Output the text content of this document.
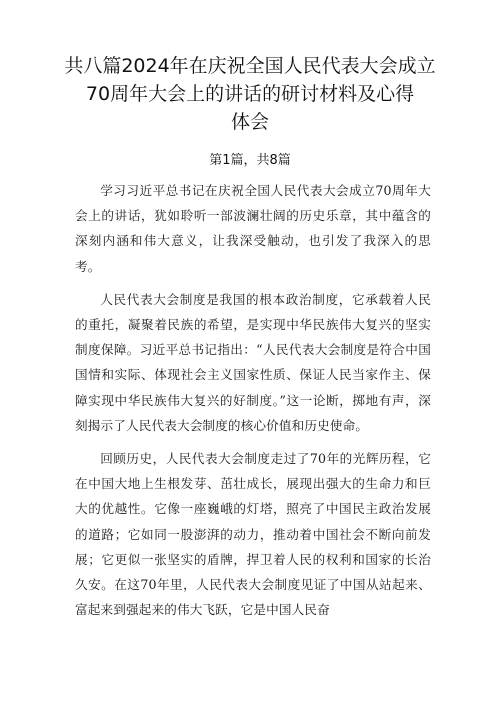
共八篇2024年在庆祝全国人民代表大会成立
70周年大会上的讲话的研讨材料及心得
体会
第1篇，共8篇

学习习近平总书记在庆祝全国人民代表大会成立70周年大会上的讲话，犹如聆听一部波澜壮阔的历史乐章，其中蕴含的深刻内涵和伟大意义，让我深受触动，也引发了我深入的思考。

人民代表大会制度是我国的根本政治制度，它承载着人民的重托，凝聚着民族的希望，是实现中华民族伟大复兴的坚实制度保障。习近平总书记指出：“人民代表大会制度是符合中国国情和实际、体现社会主义国家性质、保证人民当家作主、保障实现中华民族伟大复兴的好制度。”这一论断，掷地有声，深刻揭示了人民代表大会制度的核心价值和历史使命。

回顾历史，人民代表大会制度走过了70年的光辉历程，它在中国大地上生根发芽、茁壮成长，展现出强大的生命力和巨大的优越性。它像一座巍峨的灯塔，照亮了中国民主政治发展的道路；它如同一股澎湃的动力，推动着中国社会不断向前发展；它更似一张坚实的盾牌，捍卫着人民的权利和国家的长治久安。在这70年里，人民代表大会制度见证了中国从站起来、富起来到强起来的伟大飞跃，它是中国人民奋
